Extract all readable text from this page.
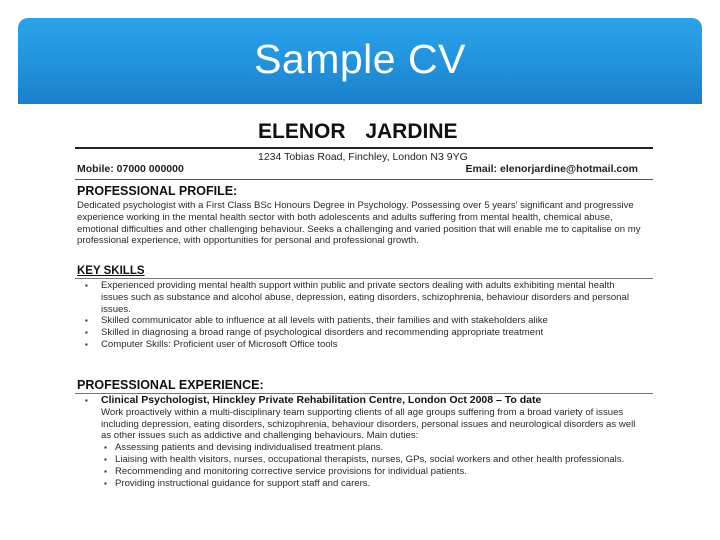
Sample CV
ELENOR JARDINE
1234 Tobias Road, Finchley, London N3 9YG
Mobile: 07000 000000	Email: elenorjardine@hotmail.com
PROFESSIONAL PROFILE:
Dedicated psychologist with a First Class BSc Honours Degree in Psychology. Possessing over 5 years' significant and progressive experience working in the mental health sector with both adolescents and adults suffering from mental health, chemical abuse, emotional difficulties and other challenging behaviour. Seeks a challenging and varied position that will enable me to capitalise on my professional experience, with opportunities for personal and professional growth.
KEY SKILLS
▪ Experienced providing mental health support within public and private sectors dealing with adults exhibiting mental health issues such as substance and alcohol abuse, depression, eating disorders, schizophrenia, behaviour disorders and personal issues.
▪ Skilled communicator able to influence at all levels with patients, their families and with stakeholders alike
▪ Skilled in diagnosing a broad range of psychological disorders and recommending appropriate treatment
▪ Computer Skills: Proficient user of Microsoft Office tools
PROFESSIONAL EXPERIENCE:
▪ Clinical Psychologist, Hinckley Private Rehabilitation Centre, London Oct 2008 – To date
Work proactively within a multi-disciplinary team supporting clients of all age groups suffering from a broad variety of issues including depression, eating disorders, schizophrenia, behaviour disorders, personal issues and neurological disorders as well as other issues such as addictive and challenging behaviours. Main duties:
▪ Assessing patients and devising individualised treatment plans.
▪ Liaising with health visitors, nurses, occupational therapists, nurses, GPs, social workers and other health professionals.
▪ Recommending and monitoring corrective service provisions for individual patients.
▪ Providing instructional guidance for support staff and carers.
